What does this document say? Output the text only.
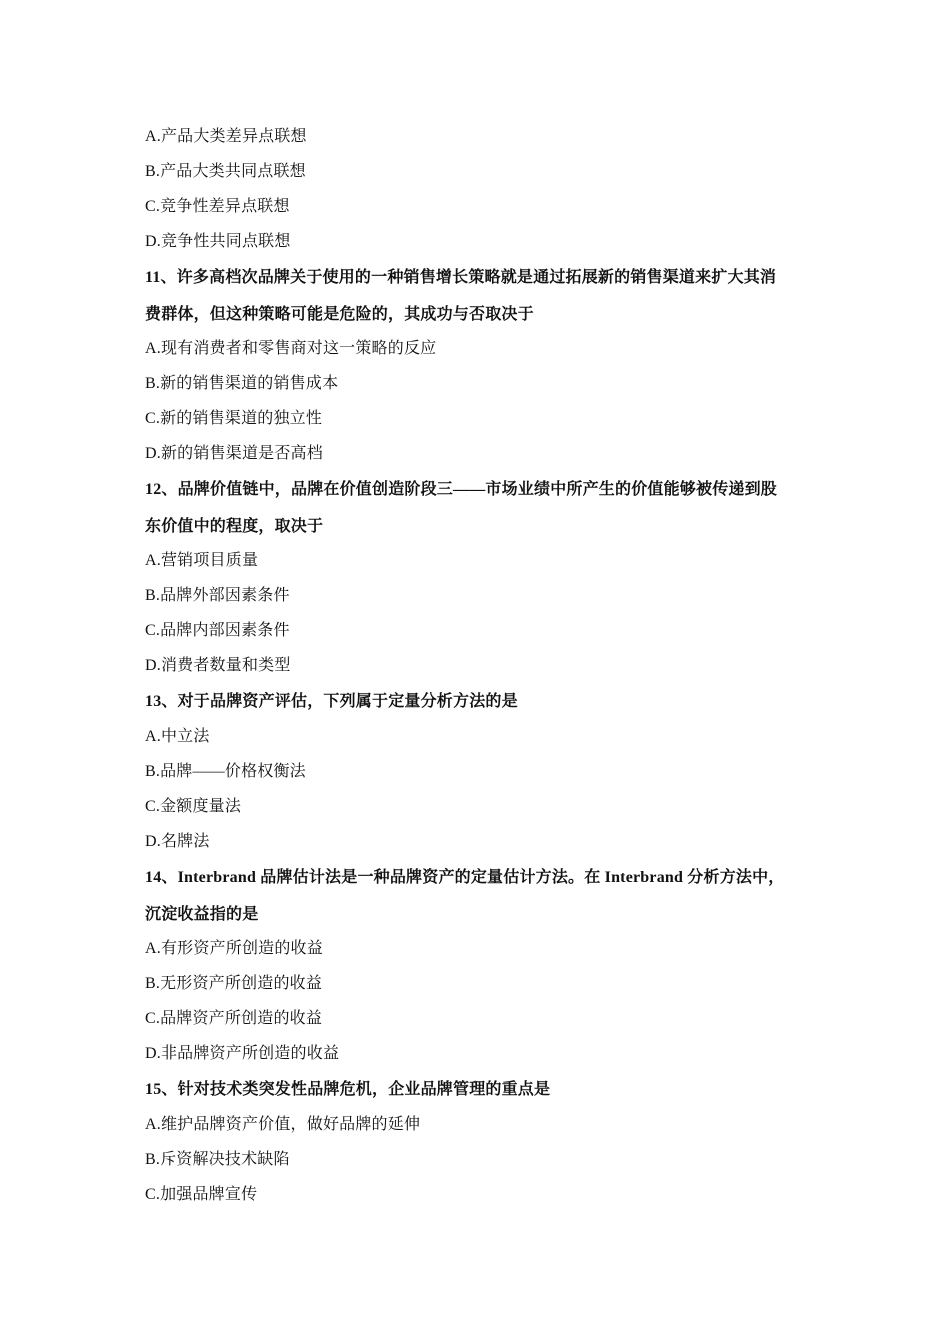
A.产品大类差异点联想
B.产品大类共同点联想
C.竞争性差异点联想
D.竞争性共同点联想
11、许多高档次品牌关于使用的一种销售增长策略就是通过拓展新的销售渠道来扩大其消
费群体，但这种策略可能是危险的，其成功与否取决于
A.现有消费者和零售商对这一策略的反应
B.新的销售渠道的销售成本
C.新的销售渠道的独立性
D.新的销售渠道是否高档
12、品牌价值链中，品牌在价值创造阶段三——市场业绩中所产生的价值能够被传递到股
东价值中的程度，取决于
A.营销项目质量
B.品牌外部因素条件
C.品牌内部因素条件
D.消费者数量和类型
13、对于品牌资产评估，下列属于定量分析方法的是
A.中立法
B.品牌——价格权衡法
C.金额度量法
D.名牌法
14、Interbrand 品牌估计法是一种品牌资产的定量估计方法。在 Interbrand 分析方法中，
沉淀收益指的是
A.有形资产所创造的收益
B.无形资产所创造的收益
C.品牌资产所创造的收益
D.非品牌资产所创造的收益
15、针对技术类突发性品牌危机，企业品牌管理的重点是
A.维护品牌资产价值，做好品牌的延伸
B.斥资解决技术缺陷
C.加强品牌宣传
